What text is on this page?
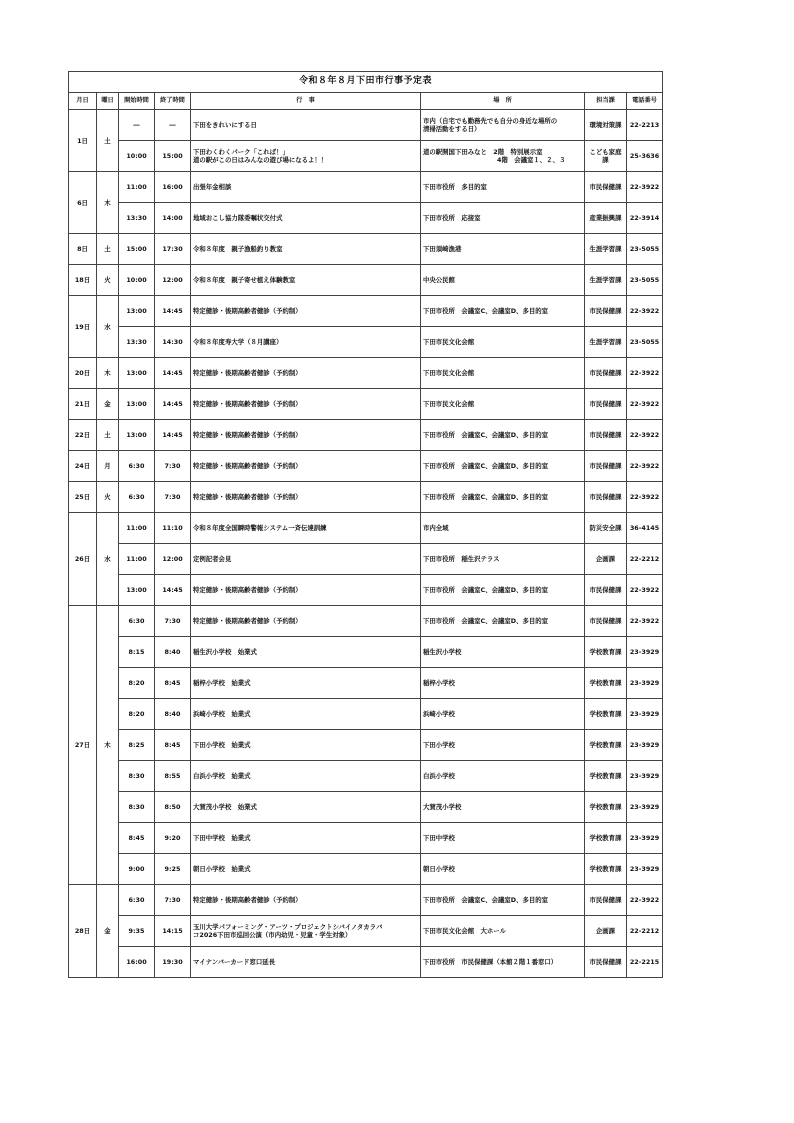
令和８年８月下田市行事予定表							
月日	曜日	開始時間	終了時間	行　事	場　所	担当課	電話番号
1日	土	―	―	下田をきれいにする日	市内（自宅でも勤務先でも自分の身近な場所の
清掃活動をする日）	環境対策課	22-2213
		10:00	15:00	下田わくわくパーク「これば！」
道の駅がこの日はみんなの遊び場になるよ！！	道の駅開国下田みなと　2階　特別展示室
4階　会議室１、２、３	こども家庭課	25-3636
6日	木	11:00	16:00	出張年金相談	下田市役所　多目的室	市民保健課	22-3922
		13:30	14:00	地域おこし協力隊委嘱状交付式	下田市役所　応接室	産業振興課	22-3914
8日	土	15:00	17:30	令和８年度　親子漁船釣り教室	下田須崎漁港	生涯学習課	23-5055
18日	火	10:00	12:00	令和８年度　親子寄せ植え体験教室	中央公民館	生涯学習課	23-5055
19日	水	13:00	14:45	特定健診・後期高齢者健診（予約制）	下田市役所　会議室C、会議室D、多目的室	市民保健課	22-3922
		13:30	14:30	令和８年度寿大学（８月講座）	下田市民文化会館	生涯学習課	23-5055
20日	木	13:00	14:45	特定健診・後期高齢者健診（予約制）	下田市民文化会館	市民保健課	22-3922
21日	金	13:00	14:45	特定健診・後期高齢者健診（予約制）	下田市民文化会館	市民保健課	22-3922
22日	土	13:00	14:45	特定健診・後期高齢者健診（予約制）	下田市役所　会議室C、会議室D、多目的室	市民保健課	22-3922
24日	月	6:30	7:30	特定健診・後期高齢者健診（予約制）	下田市役所　会議室C、会議室D、多目的室	市民保健課	22-3922
25日	火	6:30	7:30	特定健診・後期高齢者健診（予約制）	下田市役所　会議室C、会議室D、多目的室	市民保健課	22-3922
26日	水	11:00	11:10	令和８年度全国瞬時警報システム一斉伝達訓練	市内全域	防災安全課	36-4145
		11:00	12:00	定例記者会見	下田市役所　稲生沢テラス	企画課	22-2212
		13:00	14:45	特定健診・後期高齢者健診（予約制）	下田市役所　会議室C、会議室D、多目的室	市民保健課	22-3922
27日	木	6:30	7:30	特定健診・後期高齢者健診（予約制）	下田市役所　会議室C、会議室D、多目的室	市民保健課	22-3922
		8:15	8:40	稲生沢小学校　始業式	稲生沢小学校	学校教育課	23-3929
		8:20	8:45	稲梓小学校　始業式	稲梓小学校	学校教育課	23-3929
		8:20	8:40	浜崎小学校　始業式	浜崎小学校	学校教育課	23-3929
		8:25	8:45	下田小学校　始業式	下田小学校	学校教育課	23-3929
		8:30	8:55	白浜小学校　始業式	白浜小学校	学校教育課	23-3929
		8:30	8:50	大賀茂小学校　始業式	大賀茂小学校	学校教育課	23-3929
		8:45	9:20	下田中学校　始業式	下田中学校	学校教育課	23-3929
		9:00	9:25	朝日小学校　始業式	朝日小学校	学校教育課	23-3929
28日	金	6:30	7:30	特定健診・後期高齢者健診（予約制）	下田市役所　会議室C、会議室D、多目的室	市民保健課	22-3922
		9:35	14:15	玉川大学パフォーミング・アーツ・プロジェクトシバイノタカラバ
コ2026下田市巡回公演（市内幼児・児童・学生対象）	下田市民文化会館　大ホール	企画課	22-2212
		16:00	19:30	マイナンバーカード窓口延長	下田市役所　市民保健課（本館２階１番窓口）	市民保健課	22-2215
